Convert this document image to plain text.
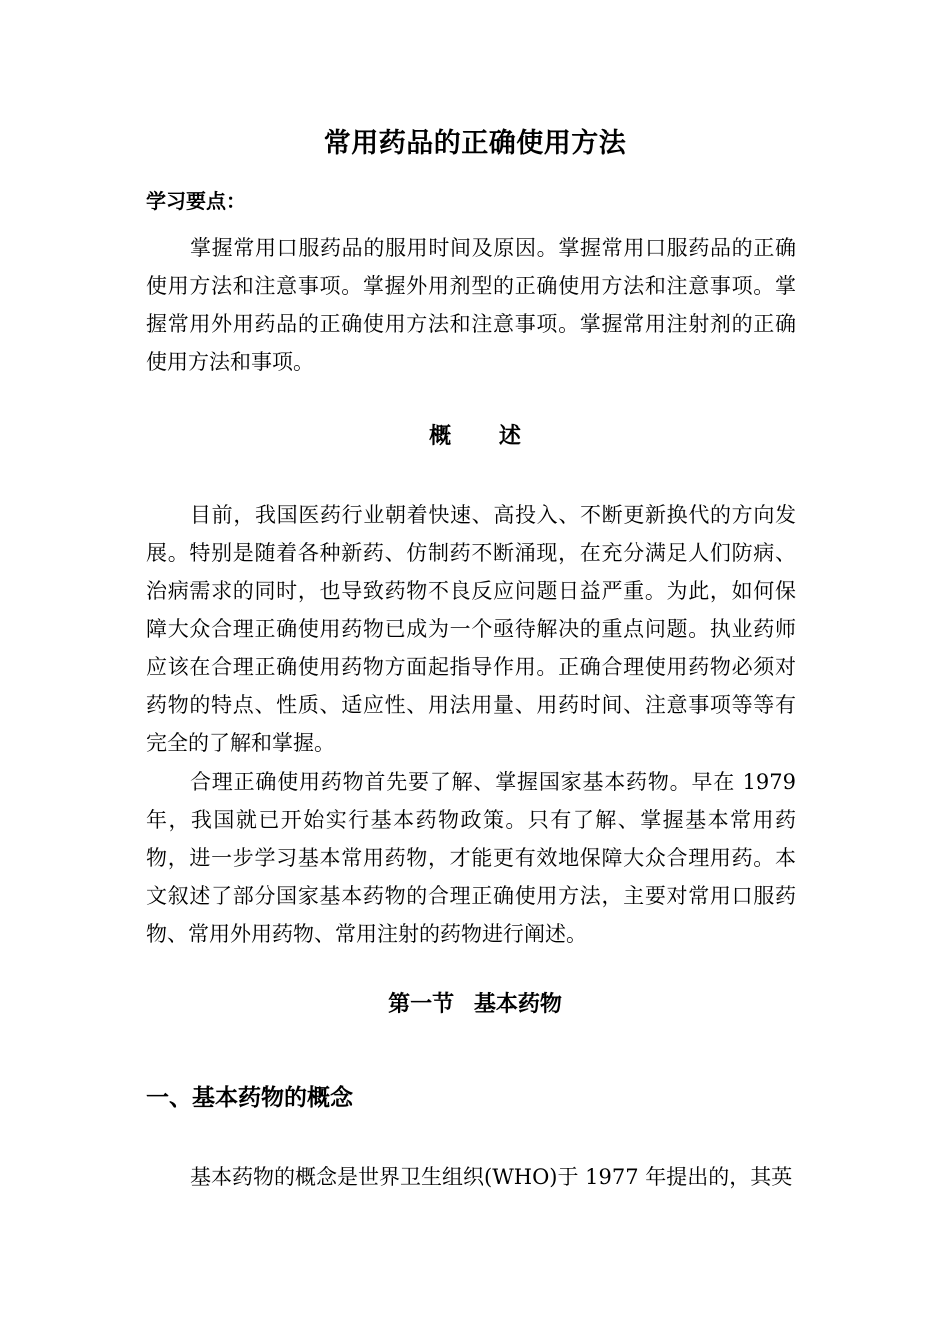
常用药品的正确使用方法
学习要点：

掌握常用口服药品的服用时间及原因。掌握常用口服药品的正确使用方法和注意事项。掌握外用剂型的正确使用方法和注意事项。掌握常用外用药品的正确使用方法和注意事项。掌握常用注射剂的正确使用方法和事项。

概 述

目前，我国医药行业朝着快速、高投入、不断更新换代的方向发展。特别是随着各种新药、仿制药不断涌现，在充分满足人们防病、治病需求的同时，也导致药物不良反应问题日益严重。为此，如何保障大众合理正确使用药物已成为一个亟待解决的重点问题。执业药师应该在合理正确使用药物方面起指导作用。正确合理使用药物必须对药物的特点、性质、适应性、用法用量、用药时间、注意事项等等有完全的了解和掌握。

合理正确使用药物首先要了解、掌握国家基本药物。早在 1979 年，我国就已开始实行基本药物政策。只有了解、掌握基本常用药物，进一步学习基本常用药物，才能更有效地保障大众合理用药。本文叙述了部分国家基本药物的合理正确使用方法，主要对常用口服药物、常用外用药物、常用注射的药物进行阐述。

第一节 基本药物
一、基本药物的概念

基本药物的概念是世界卫生组织(WHO)于 1977 年提出的，其英
